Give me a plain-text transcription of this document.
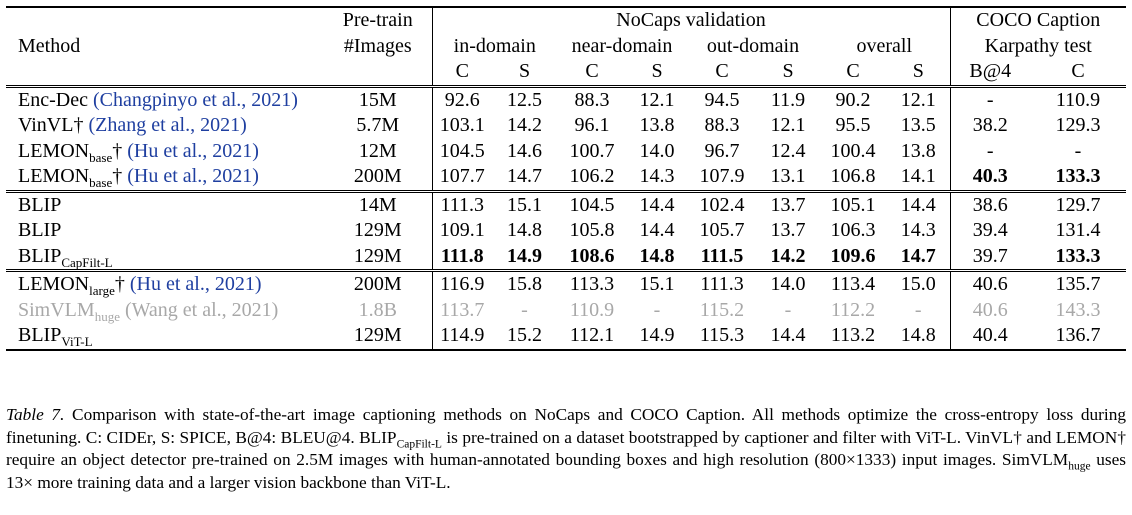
	Pre-train	NoCaps validation								COCO Caption	
Method	#Images	in-domain		near-domain		out-domain		overall		Karpathy test	
		C	S	C	S	C	S	C	S	B@4	C
Enc-Dec (Changpinyo et al., 2021)	15M	92.6	12.5	88.3	12.1	94.5	11.9	90.2	12.1	-	110.9
VinVL† (Zhang et al., 2021)	5.7M	103.1	14.2	96.1	13.8	88.3	12.1	95.5	13.5	38.2	129.3
$LEMON_{base}\dagger$ (Hu et al., 2021)	12M	104.5	14.6	100.7	14.0	96.7	12.4	100.4	13.8	-	-
$LEMON_{base}\dagger$ (Hu et al., 2021)	200M	107.7	14.7	106.2	14.3	107.9	13.1	106.8	14.1	40.3	133.3
BLIP	14M	111.3	15.1	104.5	14.4	102.4	13.7	105.1	14.4	38.6	129.7
BLIP	129M	109.1	14.8	105.8	14.4	105.7	13.7	106.3	14.3	39.4	131.4
$BLIP_{CapFilt-L}$	129M	111.8	14.9	108.6	14.8	111.5	14.2	109.6	14.7	39.7	133.3
$LEMON_{large}\dagger$ (Hu et al., 2021)	200M	116.9	15.8	113.3	15.1	111.3	14.0	113.4	15.0	40.6	135.7
SimVLM$_{huge}$ (Wang et al., 2021)	1.8B	113.7	-	110.9	-	115.2	-	112.2	-	40.6	143.3
$BLIP_{ViT-L}$	129M	114.9	15.2	112.1	14.9	115.3	14.4	113.2	14.8	40.4	136.7
Table 7. Comparison with state-of-the-art image captioning methods on NoCaps and COCO Caption. All methods optimize the cross-entropy loss during finetuning. C: CIDEr, S: SPICE, B@4: BLEU@4. $BLIP_{CapFilt-L}$ is pre-trained on a dataset bootstrapped by captioner and filter with ViT-L. VinVL† and LEMON† require an object detector pre-trained on 2.5M images with human-annotated bounding boxes and high resolution (800×1333) input images. SimVLM$_{huge}$ uses 13× more training data and a larger vision backbone than ViT-L.
